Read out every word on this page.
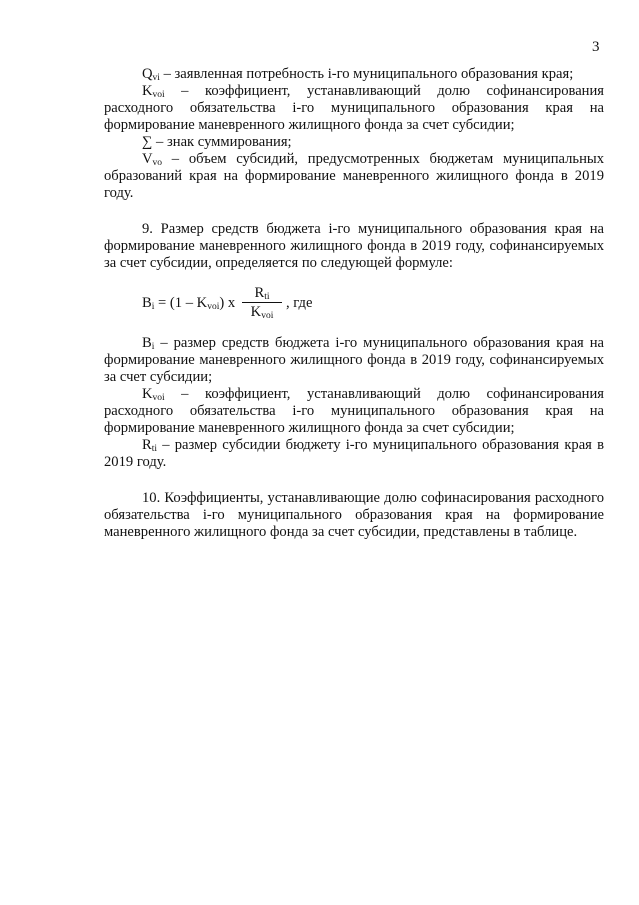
3

$Q_{vi}$ – заявленная потребность i-го муниципального образования края;

$K_{voi}$ – коэффициент, устанавливающий долю софинансирования расходного обязательства i-го муниципального образования края на формирование маневренного жилищного фонда за счет субсидии;

∑ – знак суммирования;

$V_{vo}$ – объем субсидий, предусмотренных бюджетам муниципальных образований края на формирование маневренного жилищного фонда в 2019 году.

9. Размер средств бюджета i-го муниципального образования края на формирование маневренного жилищного фонда в 2019 году, софинансируемых за счет субсидии, определяется по следующей формуле:

$B_i = (1 - K_{voi})$ x
$R_{ti}$
$K_{voi}$
, где

$B_i$ – размер средств бюджета i-го муниципального образования края на формирование маневренного жилищного фонда в 2019 году, софинансируемых за счет субсидии;

$K_{voi}$ – коэффициент, устанавливающий долю софинансирования расходного обязательства i-го муниципального образования края на формирование маневренного жилищного фонда за счет субсидии;

$R_{ti}$ – размер субсидии бюджету i-го муниципального образования края в 2019 году.

10. Коэффициенты, устанавливающие долю софинасирования расходного обязательства i-го муниципального образования края на формирование маневренного жилищного фонда за счет субсидии, представлены в таблице.
